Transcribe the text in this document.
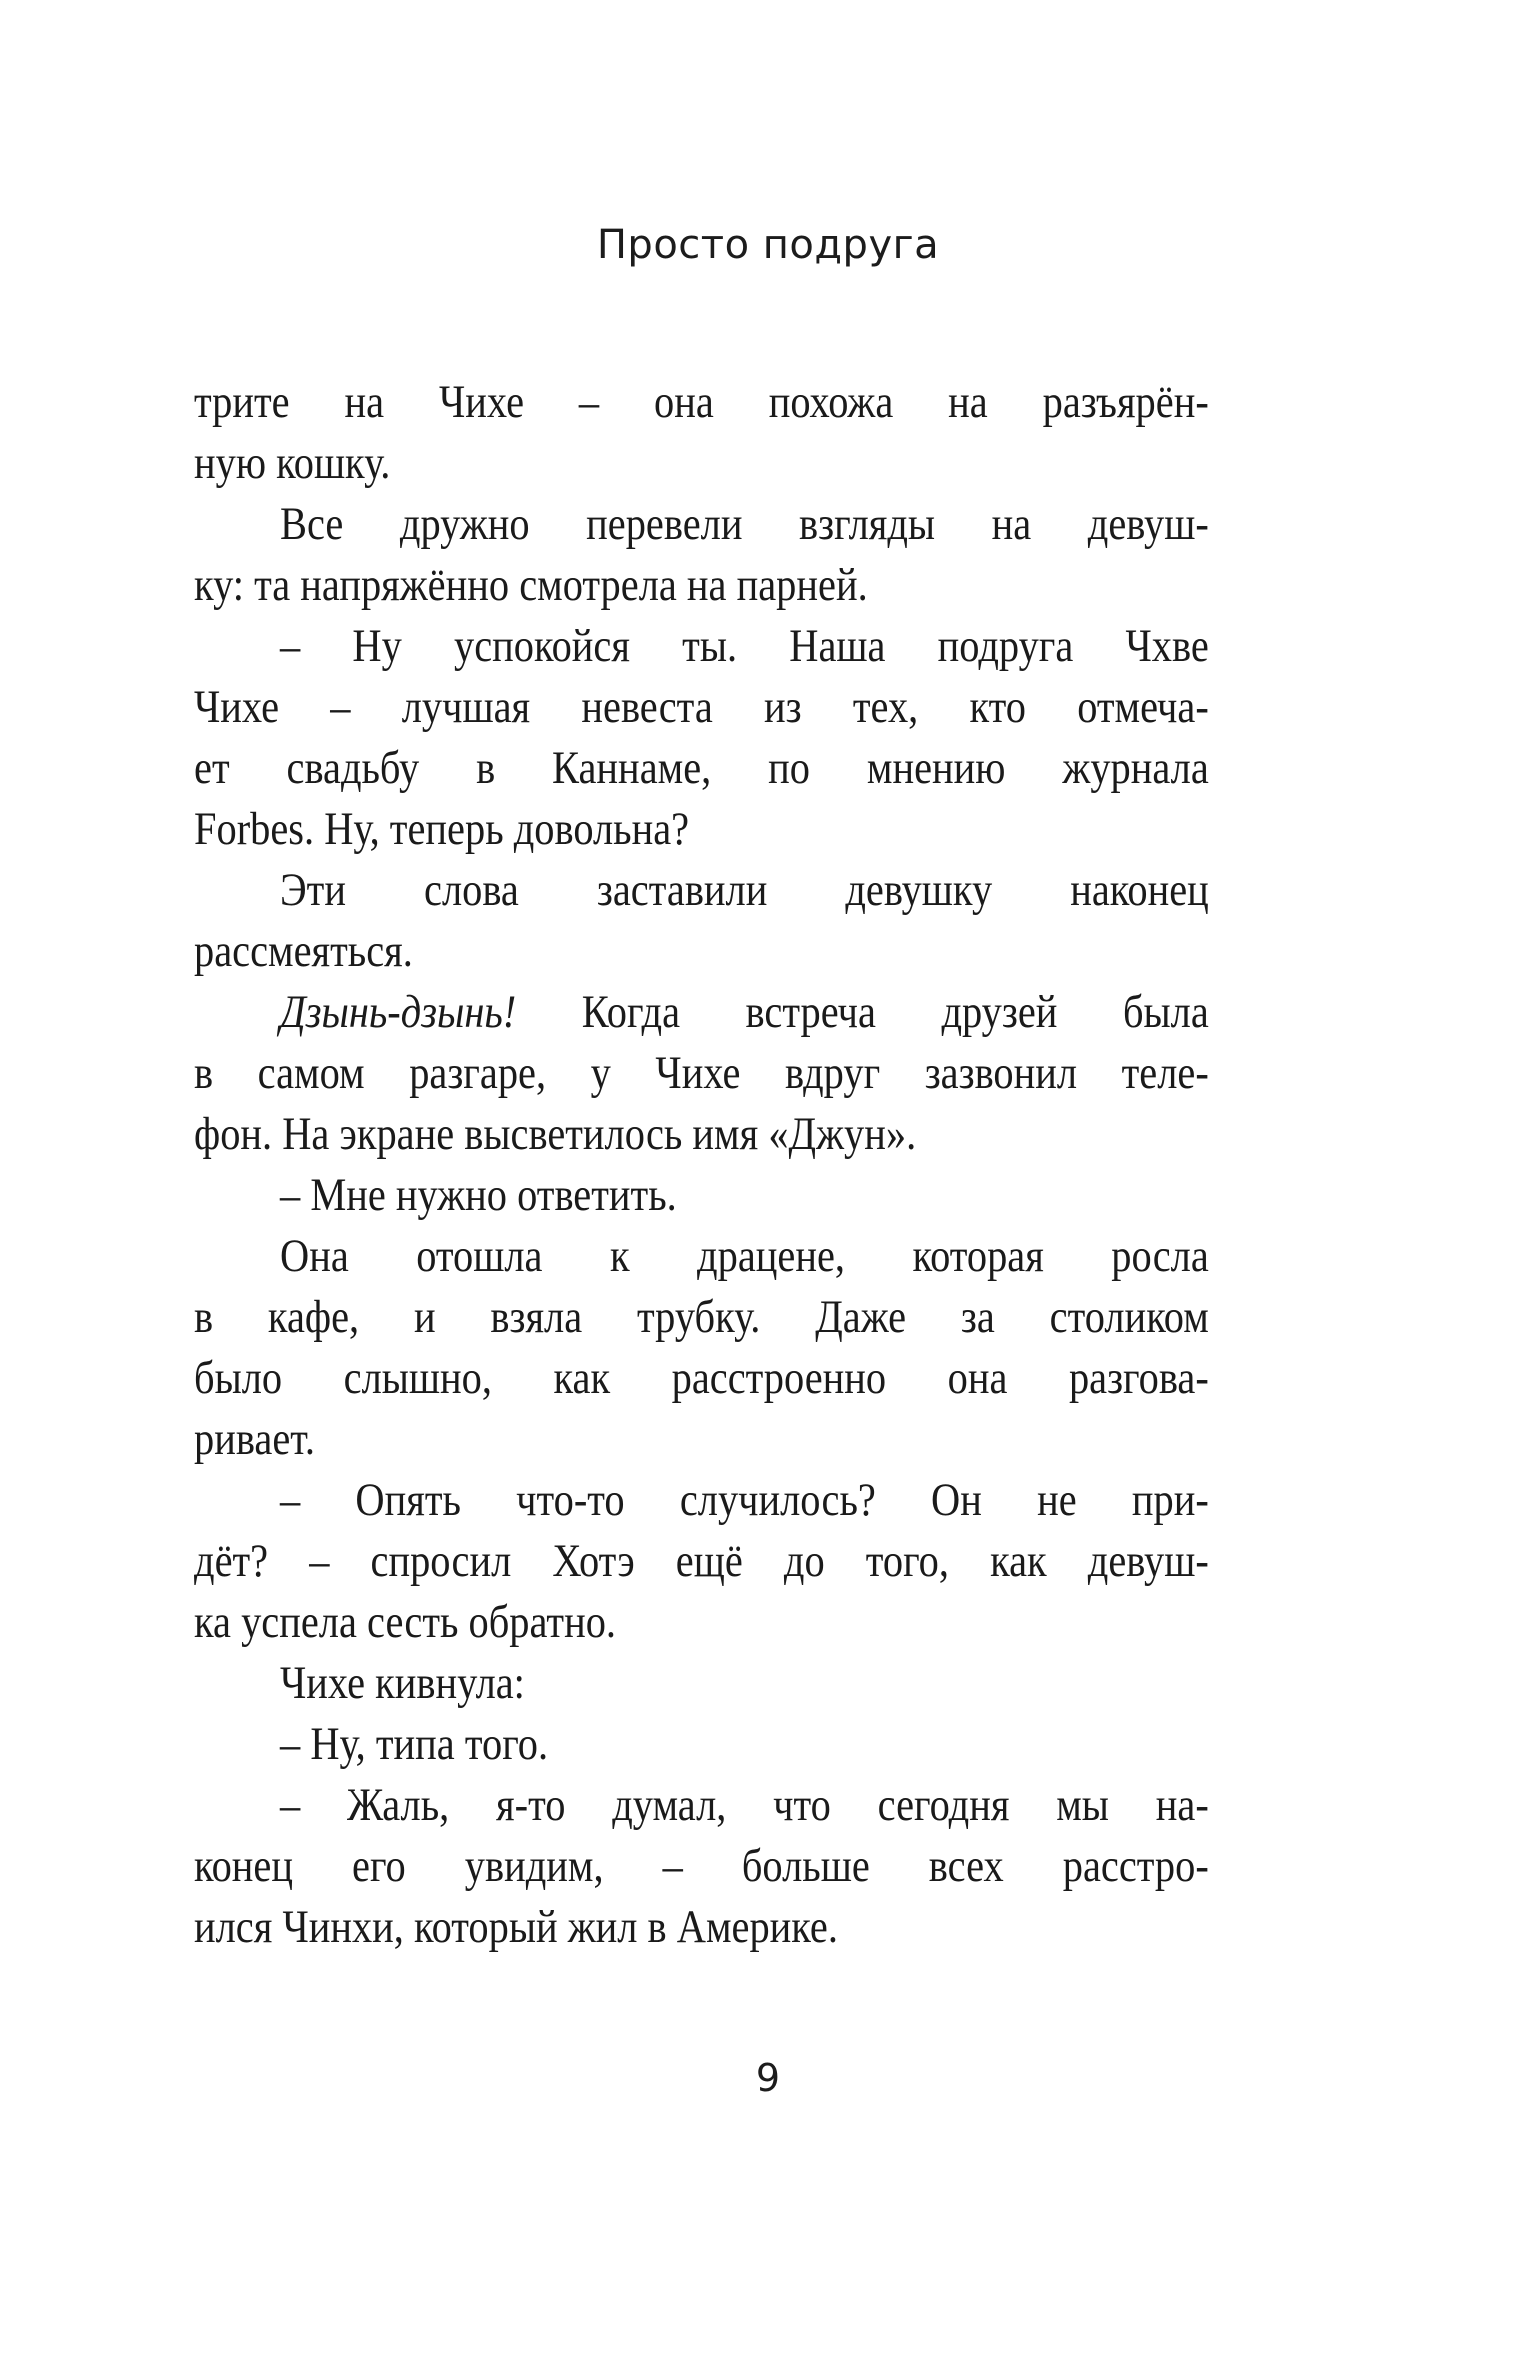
Просто подруга
трите на Чихе – она похожа на разъярён-
ную кошку.
Все дружно перевели взгляды на девуш-
ку: та напряжённо смотрела на парней.
– Ну успокойся ты. Наша подруга Чхве
Чихе – лучшая невеста из тех, кто отмеча-
ет свадьбу в Каннаме, по мнению журнала
Forbes. Ну, теперь довольна?
Эти слова заставили девушку наконец
рассмеяться.
Дзынь-дзынь! Когда встреча друзей была
в самом разгаре, у Чихе вдруг зазвонил теле-
фон. На экране высветилось имя «Джун».
– Мне нужно ответить.
Она отошла к драцене, которая росла
в кафе, и взяла трубку. Даже за столиком
было слышно, как расстроенно она разгова-
ривает.
– Опять что-то случилось? Он не при-
дёт? – спросил Хотэ ещё до того, как девуш-
ка успела сесть обратно.
Чихе кивнула:
– Ну, типа того.
– Жаль, я-то думал, что сегодня мы на-
конец его увидим, – больше всех расстро-
ился Чинхи, который жил в Америке.
9
